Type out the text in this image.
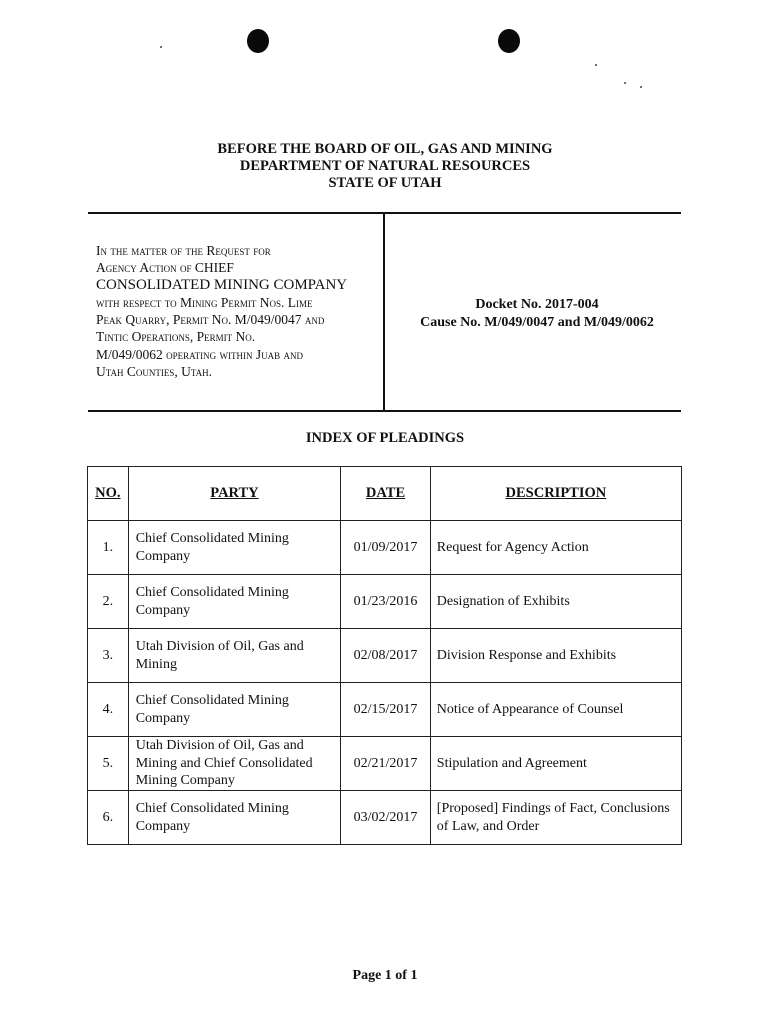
BEFORE THE BOARD OF OIL, GAS AND MINING
DEPARTMENT OF NATURAL RESOURCES
STATE OF UTAH
In the matter of the Request for
Agency Action of CHIEF
CONSOLIDATED MINING COMPANY
with respect to Mining Permit Nos. Lime
Peak Quarry, Permit No. M/049/0047 and
Tintic Operations, Permit No.
M/049/0062 operating within Juab and
Utah Counties, Utah.
Docket No. 2017-004
Cause No. M/049/0047 and M/049/0062
INDEX OF PLEADINGS
NO.	PARTY	DATE	DESCRIPTION
1.	Chief Consolidated Mining Company	01/09/2017	Request for Agency Action
2.	Chief Consolidated Mining Company	01/23/2016	Designation of Exhibits
3.	Utah Division of Oil, Gas and Mining	02/08/2017	Division Response and Exhibits
4.	Chief Consolidated Mining Company	02/15/2017	Notice of Appearance of Counsel
5.	Utah Division of Oil, Gas and Mining and Chief Consolidated Mining Company	02/21/2017	Stipulation and Agreement
6.	Chief Consolidated Mining Company	03/02/2017	[Proposed] Findings of Fact, Conclusions of Law, and Order
Page 1 of 1
